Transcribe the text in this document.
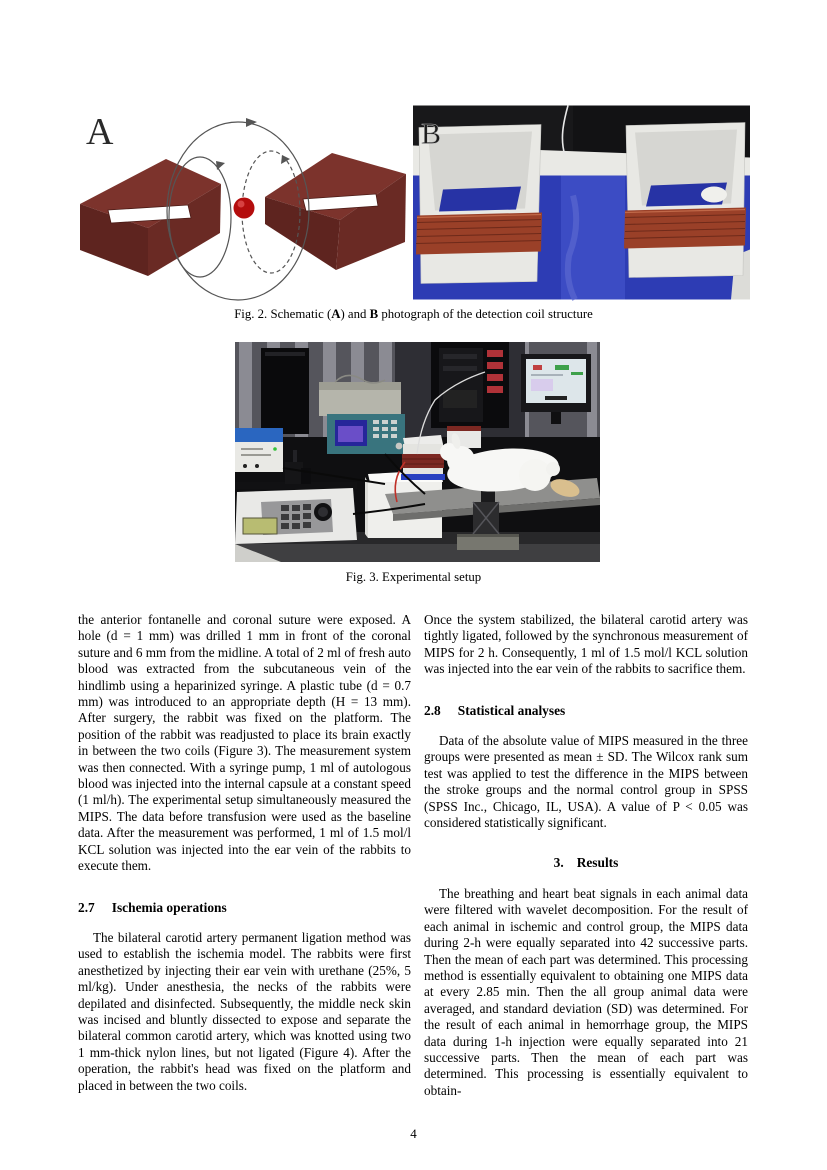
A	B
Fig. 2. Schematic (A) and B photograph of the detection coil structure
Fig. 3. Experimental setup

the anterior fontanelle and coronal suture were exposed. A hole (d = 1 mm) was drilled 1 mm in front of the coronal suture and 6 mm from the midline. A total of 2 ml of fresh auto blood was extracted from the subcutaneous vein of the hindlimb using a heparinized syringe. A plastic tube (d = 0.7 mm) was introduced to an appropriate depth (H = 13 mm). After surgery, the rabbit was fixed on the platform. The position of the rabbit was readjusted to place its brain exactly in between the two coils (Figure 3). The measurement system was then connected. With a syringe pump, 1 ml of autologous blood was injected into the internal capsule at a constant speed (1 ml/h). The experimental setup simultaneously measured the MIPS. The data before transfusion were used as the baseline data. After the measurement was performed, 1 ml of 1.5 mol/l KCL solution was injected into the ear vein of the rabbits to execute them.

2.7 Ischemia operations

The bilateral carotid artery permanent ligation method was used to establish the ischemia model. The rabbits were first anesthetized by injecting their ear vein with urethane (25%, 5 ml/kg). Under anesthesia, the necks of the rabbits were depilated and disinfected. Subsequently, the middle neck skin was incised and bluntly dissected to expose and separate the bilateral common carotid artery, which was knotted using two 1 mm-thick nylon lines, but not ligated (Figure 4). After the operation, the rabbit's head was fixed on the platform and placed in between the two coils.

Once the system stabilized, the bilateral carotid artery was tightly ligated, followed by the synchronous measurement of MIPS for 2 h. Consequently, 1 ml of 1.5 mol/l KCL solution was injected into the ear vein of the rabbits to sacrifice them.

2.8 Statistical analyses

Data of the absolute value of MIPS measured in the three groups were presented as mean ± SD. The Wilcox rank sum test was applied to test the difference in the MIPS between the stroke groups and the normal control group in SPSS (SPSS Inc., Chicago, IL, USA). A value of P < 0.05 was considered statistically significant.

3. Results

The breathing and heart beat signals in each animal data were filtered with wavelet decomposition. For the result of each animal in ischemic and control group, the MIPS data during 2-h were equally separated into 42 successive parts. Then the mean of each part was determined. This processing method is essentially equivalent to obtaining one MIPS data at every 2.85 min. Then the all group animal data were averaged, and standard deviation (SD) was determined. For the result of each animal in hemorrhage group, the MIPS data during 1-h injection were equally separated into 21 successive parts. Then the mean of each part was determined. This processing is essentially equivalent to obtain-

4
